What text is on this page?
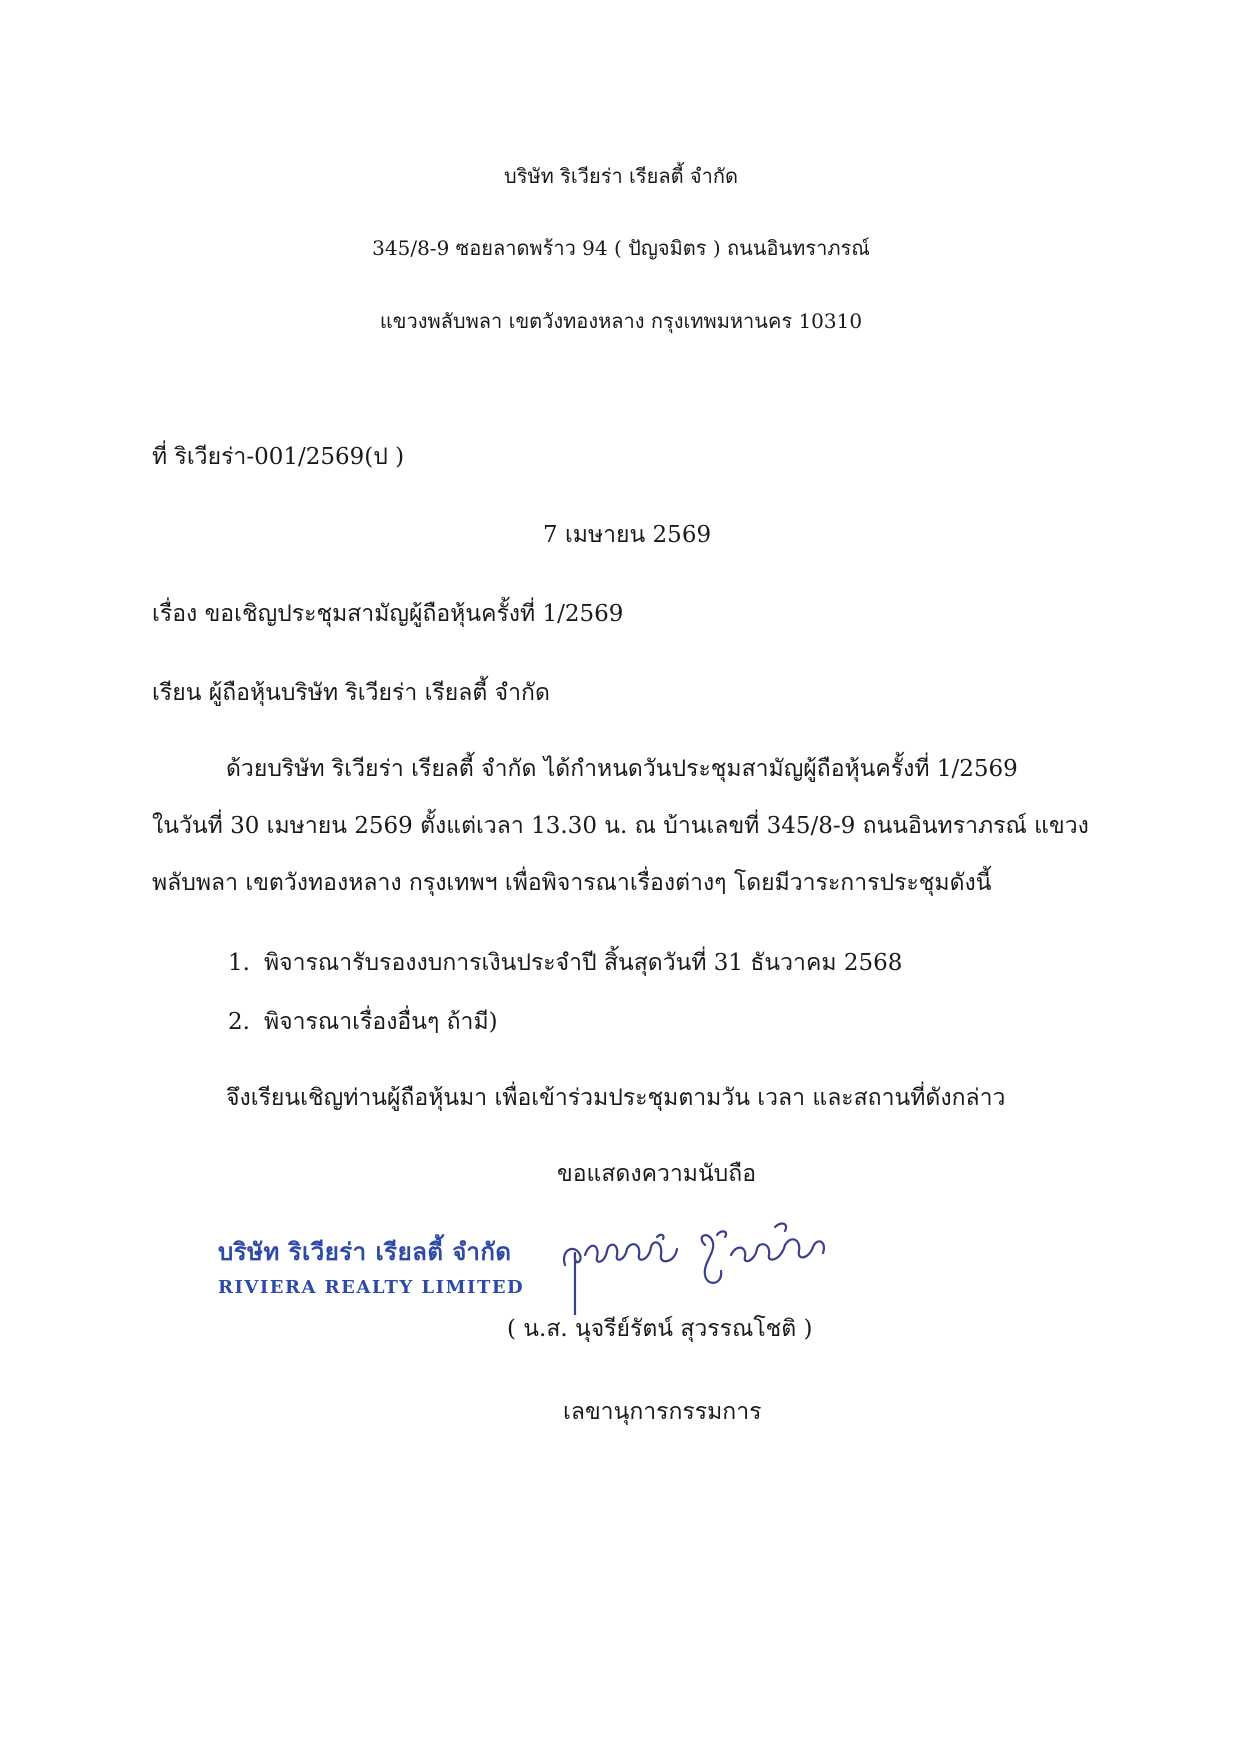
บริษัท ริเวียร่า เรียลตี้ จำกัด
345/8-9 ซอยลาดพร้าว 94 ( ปัญจมิตร ) ถนนอินทราภรณ์
แขวงพลับพลา เขตวังทองหลาง กรุงเทพมหานคร 10310
ที่ ริเวียร่า-001/2569(ป )
7 เมษายน 2569
เรื่อง ขอเชิญประชุมสามัญผู้ถือหุ้นครั้งที่ 1/2569
เรียน ผู้ถือหุ้นบริษัท ริเวียร่า เรียลตี้ จำกัด
ด้วยบริษัท ริเวียร่า เรียลตี้ จำกัด ได้กำหนดวันประชุมสามัญผู้ถือหุ้นครั้งที่ 1/2569
ในวันที่ 30 เมษายน 2569 ตั้งแต่เวลา 13.30 น. ณ บ้านเลขที่ 345/8-9 ถนนอินทราภรณ์ แขวง
พลับพลา เขตวังทองหลาง กรุงเทพฯ เพื่อพิจารณาเรื่องต่างๆ โดยมีวาระการประชุมดังนี้
1. พิจารณารับรองงบการเงินประจำปี สิ้นสุดวันที่ 31 ธันวาคม 2568
2. พิจารณาเรื่องอื่นๆ ถ้ามี)
จึงเรียนเชิญท่านผู้ถือหุ้นมา เพื่อเข้าร่วมประชุมตามวัน เวลา และสถานที่ดังกล่าว
ขอแสดงความนับถือ
บริษัท ริเวียร่า เรียลตี้ จำกัด
RIVIERA REALTY LIMITED
( น.ส. นุจรีย์รัตน์ สุวรรณโชติ )
เลขานุการกรรมการ
